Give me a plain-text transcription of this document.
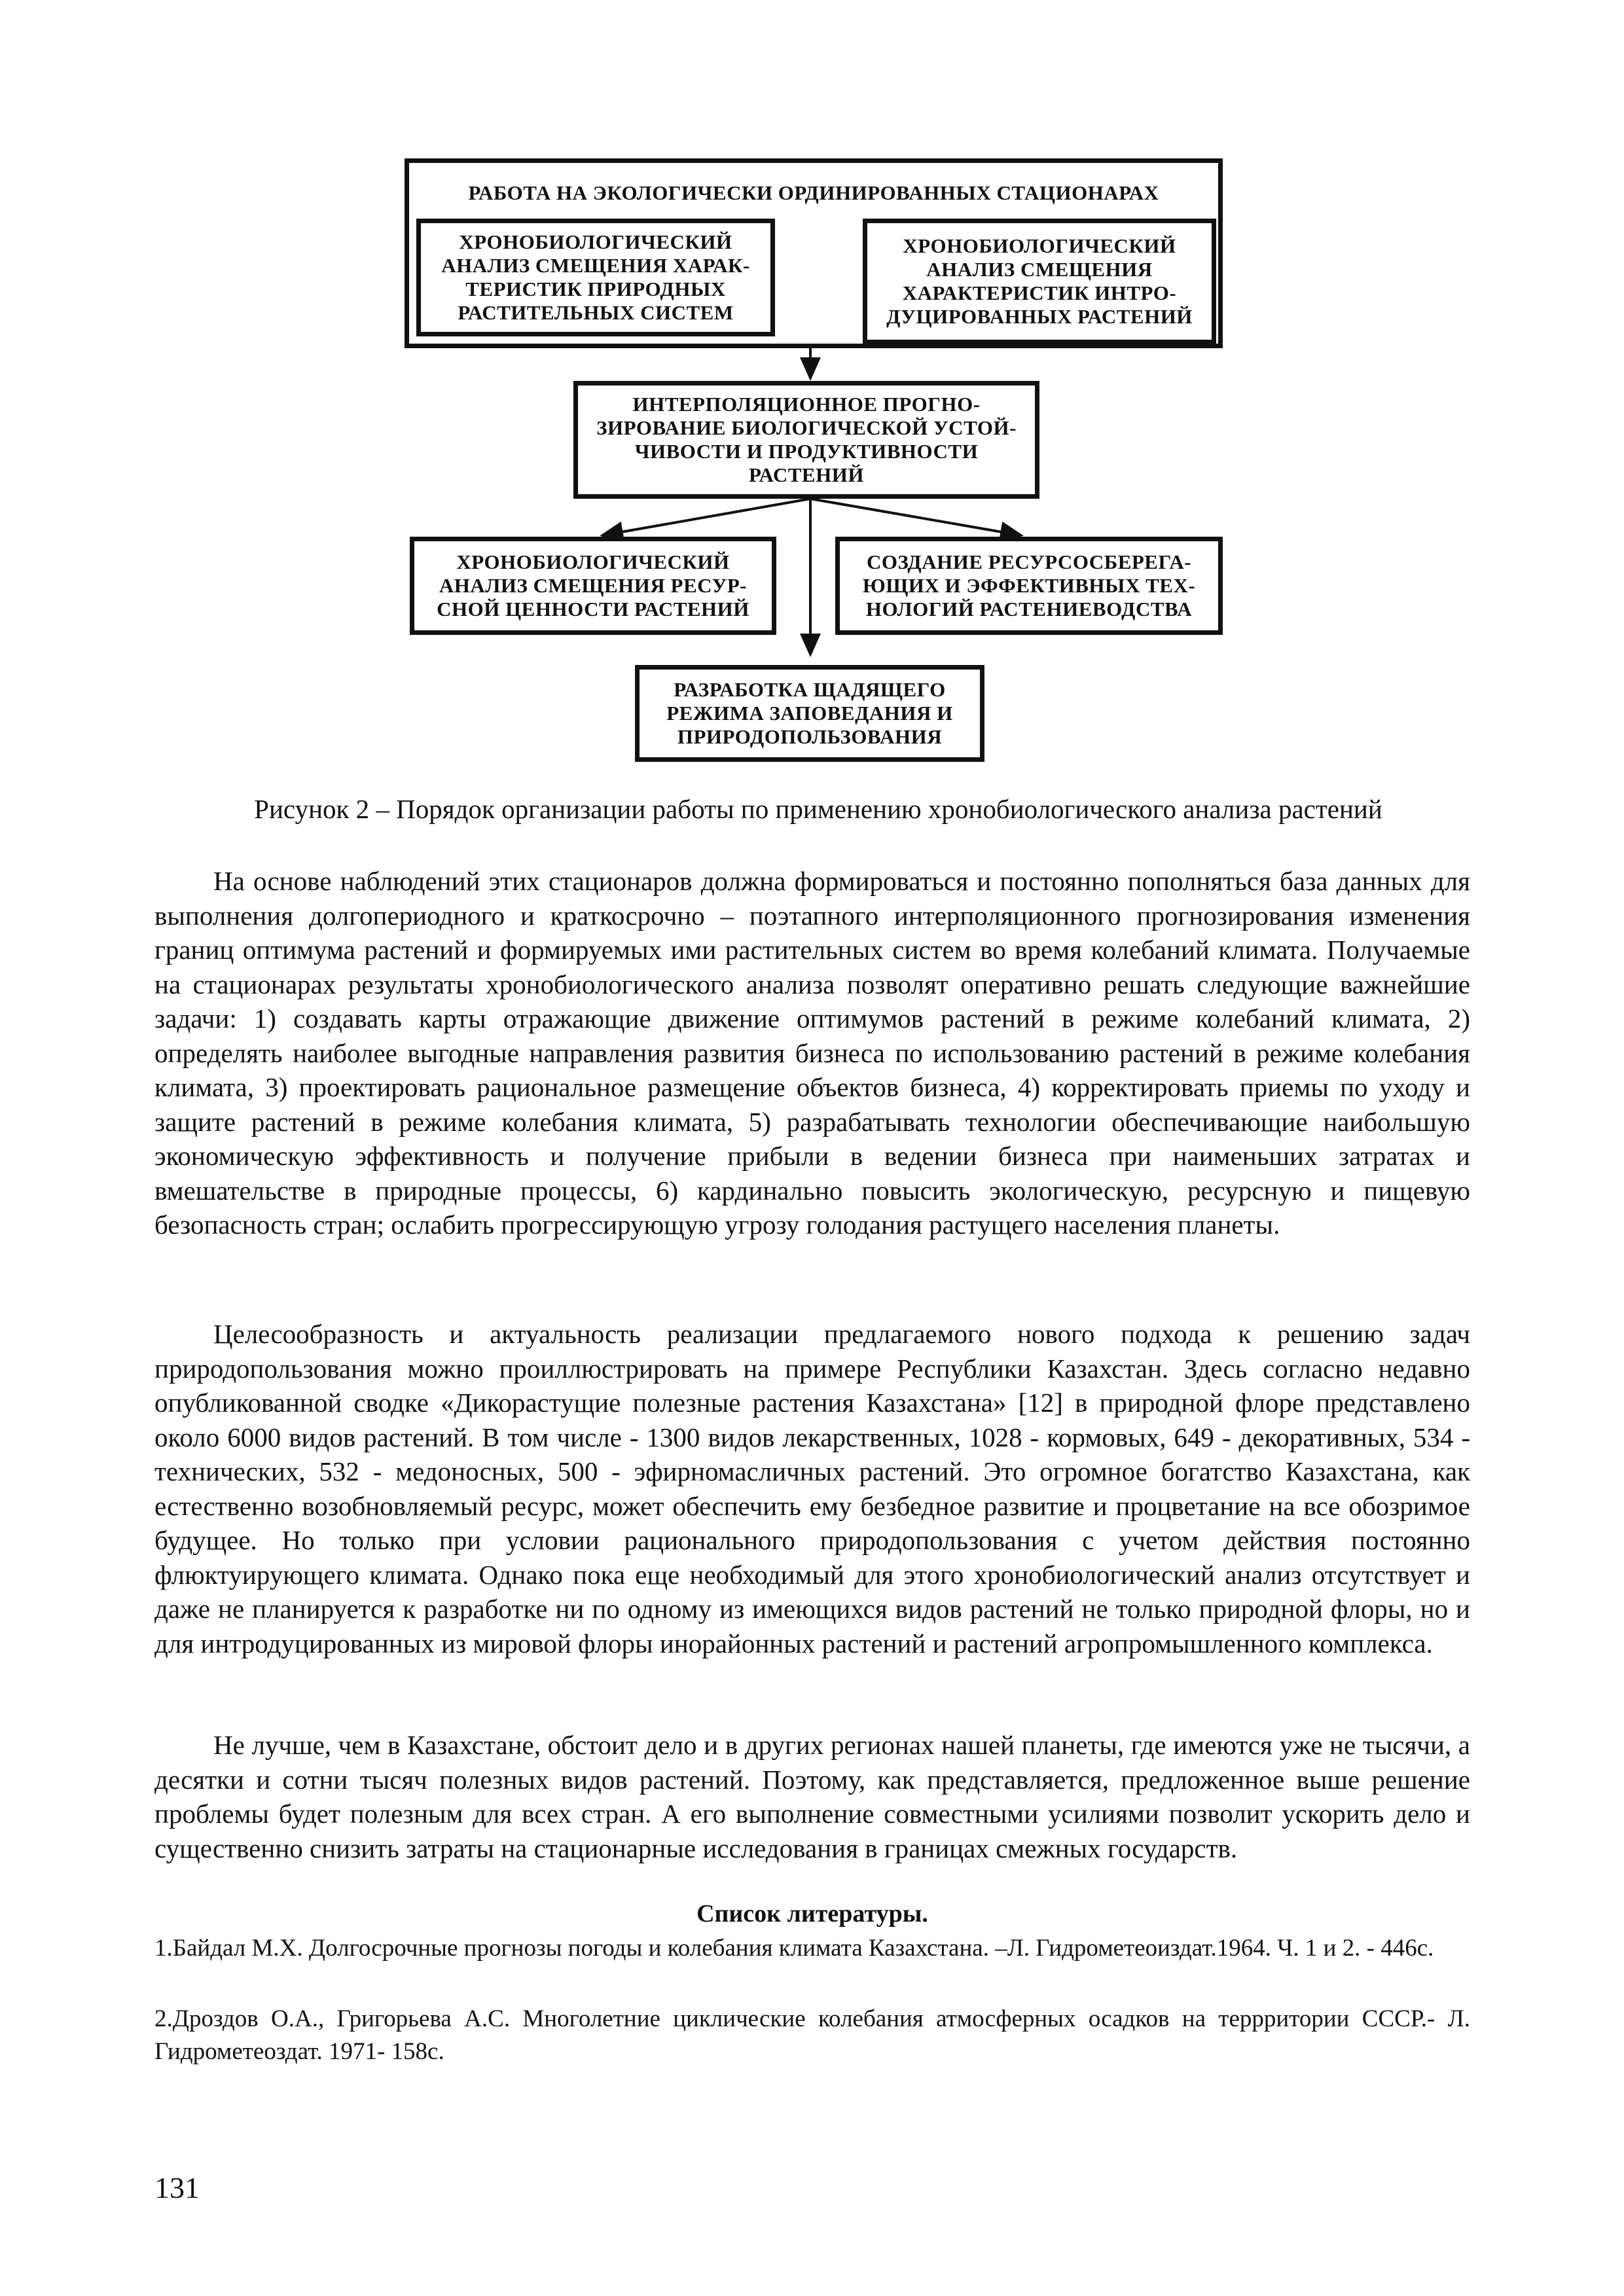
РАБОТА НА ЭКОЛОГИЧЕСКИ ОРДИНИРОВАННЫХ СТАЦИОНАРАХ
ХРОНОБИОЛОГИЧЕСКИЙ
АНАЛИЗ СМЕЩЕНИЯ ХАРАК-
ТЕРИСТИК ПРИРОДНЫХ
РАСТИТЕЛЬНЫХ СИСТЕМ
ХРОНОБИОЛОГИЧЕСКИЙ
АНАЛИЗ СМЕЩЕНИЯ
ХАРАКТЕРИСТИК ИНТРО-
ДУЦИРОВАННЫХ РАСТЕНИЙ
ИНТЕРПОЛЯЦИОННОЕ ПРОГНО-
ЗИРОВАНИЕ БИОЛОГИЧЕСКОЙ УСТОЙ-
ЧИВОСТИ И ПРОДУКТИВНОСТИ
РАСТЕНИЙ
ХРОНОБИОЛОГИЧЕСКИЙ
АНАЛИЗ СМЕЩЕНИЯ РЕСУР-
СНОЙ ЦЕННОСТИ РАСТЕНИЙ
СОЗДАНИЕ РЕСУРСОСБЕРЕГА-
ЮЩИХ И ЭФФЕКТИВНЫХ ТЕХ-
НОЛОГИЙ РАСТЕНИЕВОДСТВА
РАЗРАБОТКА ЩАДЯЩЕГО
РЕЖИМА ЗАПОВЕДАНИЯ И
ПРИРОДОПОЛЬЗОВАНИЯ
Рисунок 2 – Порядок организации работы по применению хронобиологического анализа растений

На основе наблюдений этих стационаров должна формироваться и постоянно пополняться база данных для выполнения долгопериодного и краткосрочно – поэтапного интерполяционного прогнозирования изменения границ оптимума растений и формируемых ими растительных систем во время колебаний климата. Получаемые на стационарах результаты хронобиологического анализа позволят оперативно решать следующие важнейшие задачи: 1) создавать карты отражающие движение оптимумов растений в режиме колебаний климата, 2) определять наиболее выгодные направления развития бизнеса по использованию растений в режиме колебания климата, 3) проектировать рациональное размещение объектов бизнеса, 4) корректировать приемы по уходу и защите растений в режиме колебания климата, 5) разрабатывать технологии обеспечивающие наибольшую экономическую эффективность и получение прибыли в ведении бизнеса при наименьших затратах и вмешательстве в природные процессы, 6) кардинально повысить экологическую, ресурсную и пищевую безопасность стран; ослабить прогрессирующую угрозу голодания растущего населения планеты.

Целесообразность и актуальность реализации предлагаемого нового подхода к решению задач природопользования можно проиллюстрировать на примере Республики Казахстан. Здесь согласно недавно опубликованной сводке «Дикорастущие полезные растения Казахстана» [12] в природной флоре представлено около 6000 видов растений. В том числе - 1300 видов лекарственных, 1028 - кормовых, 649 - декоративных, 534 - технических, 532 - медоносных, 500 - эфирномасличных растений. Это огромное богатство Казахстана, как естественно возобновляемый ресурс, может обеспечить ему безбедное развитие и процветание на все обозримое будущее. Но только при условии рационального природопользования с учетом действия постоянно флюктуирующего климата. Однако пока еще необходимый для этого хронобиологический анализ отсутствует и даже не планируется к разработке ни по одному из имеющихся видов растений не только природной флоры, но и для интродуцированных из мировой флоры инорайонных растений и растений агропромышленного комплекса.

Не лучше, чем в Казахстане, обстоит дело и в других регионах нашей планеты, где имеются уже не тысячи, а десятки и сотни тысяч полезных видов растений. Поэтому, как представляется, предложенное выше решение проблемы будет полезным для всех стран. А его выполнение совместными усилиями позволит ускорить дело и существенно снизить затраты на стационарные исследования в границах смежных государств.

Список литературы.

1.Байдал М.Х. Долгосрочные прогнозы погоды и колебания климата Казахстана. –Л. Гидрометеоиздат.1964. Ч. 1 и 2. - 446с.

2.Дроздов О.А., Григорьева А.С. Многолетние циклические колебания атмосферных осадков на террритории СССР.- Л. Гидрометеоздат. 1971- 158с.

131
